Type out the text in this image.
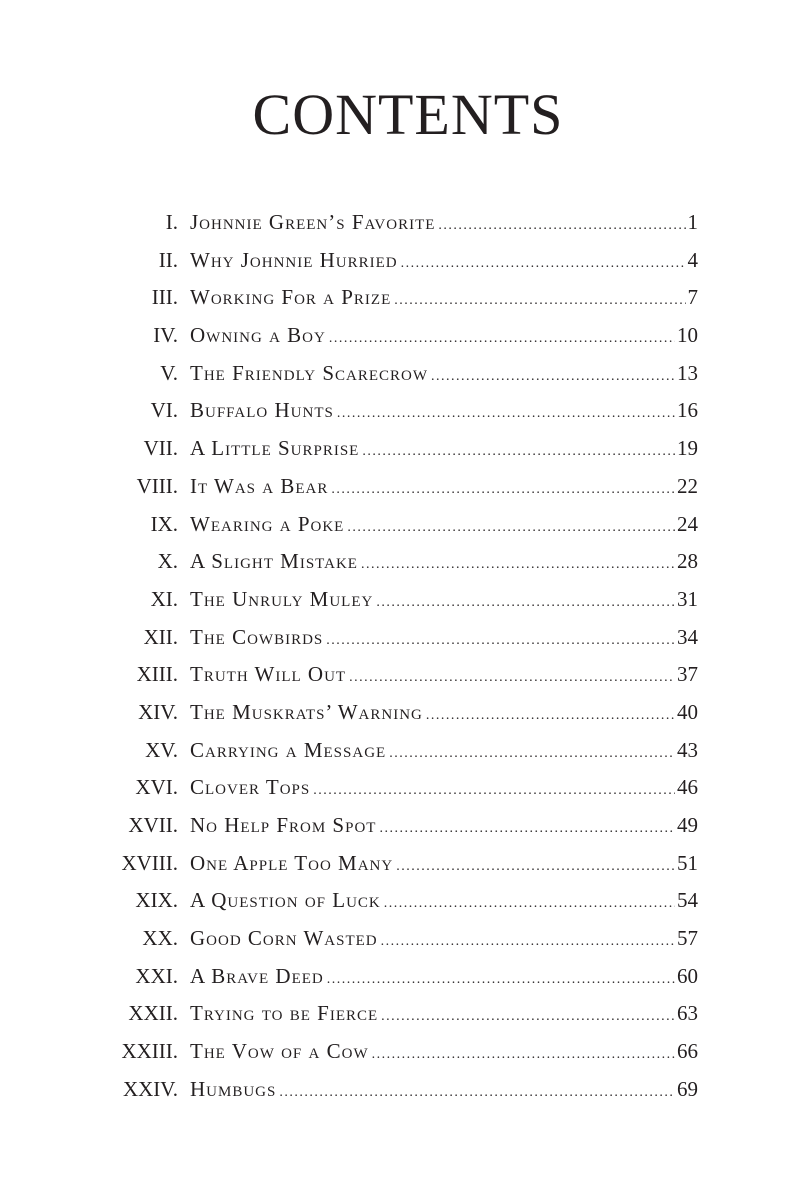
CONTENTS
I. Johnnie Green’s Favorite .....	1
II. Why Johnnie Hurried .....	4
III. Working For a Prize .....	7
IV. Owning a Boy .....	10
V. The Friendly Scarecrow .....	13
VI. Buffalo Hunts .....	16
VII. A Little Surprise .....	19
VIII. It Was a Bear .....	22
IX. Wearing a Poke .....	24
X. A Slight Mistake .....	28
XI. The Unruly Muley .....	31
XII. The Cowbirds .....	34
XIII. Truth Will Out .....	37
XIV. The Muskrats’ Warning .....	40
XV. Carrying a Message .....	43
XVI. Clover Tops .....	46
XVII. No Help From Spot .....	49
XVIII. One Apple Too Many .....	51
XIX. A Question of Luck .....	54
XX. Good Corn Wasted .....	57
XXI. A Brave Deed .....	60
XXII. Trying to be Fierce .....	63
XXIII. The Vow of a Cow .....	66
XXIV. Humbugs .....	69
